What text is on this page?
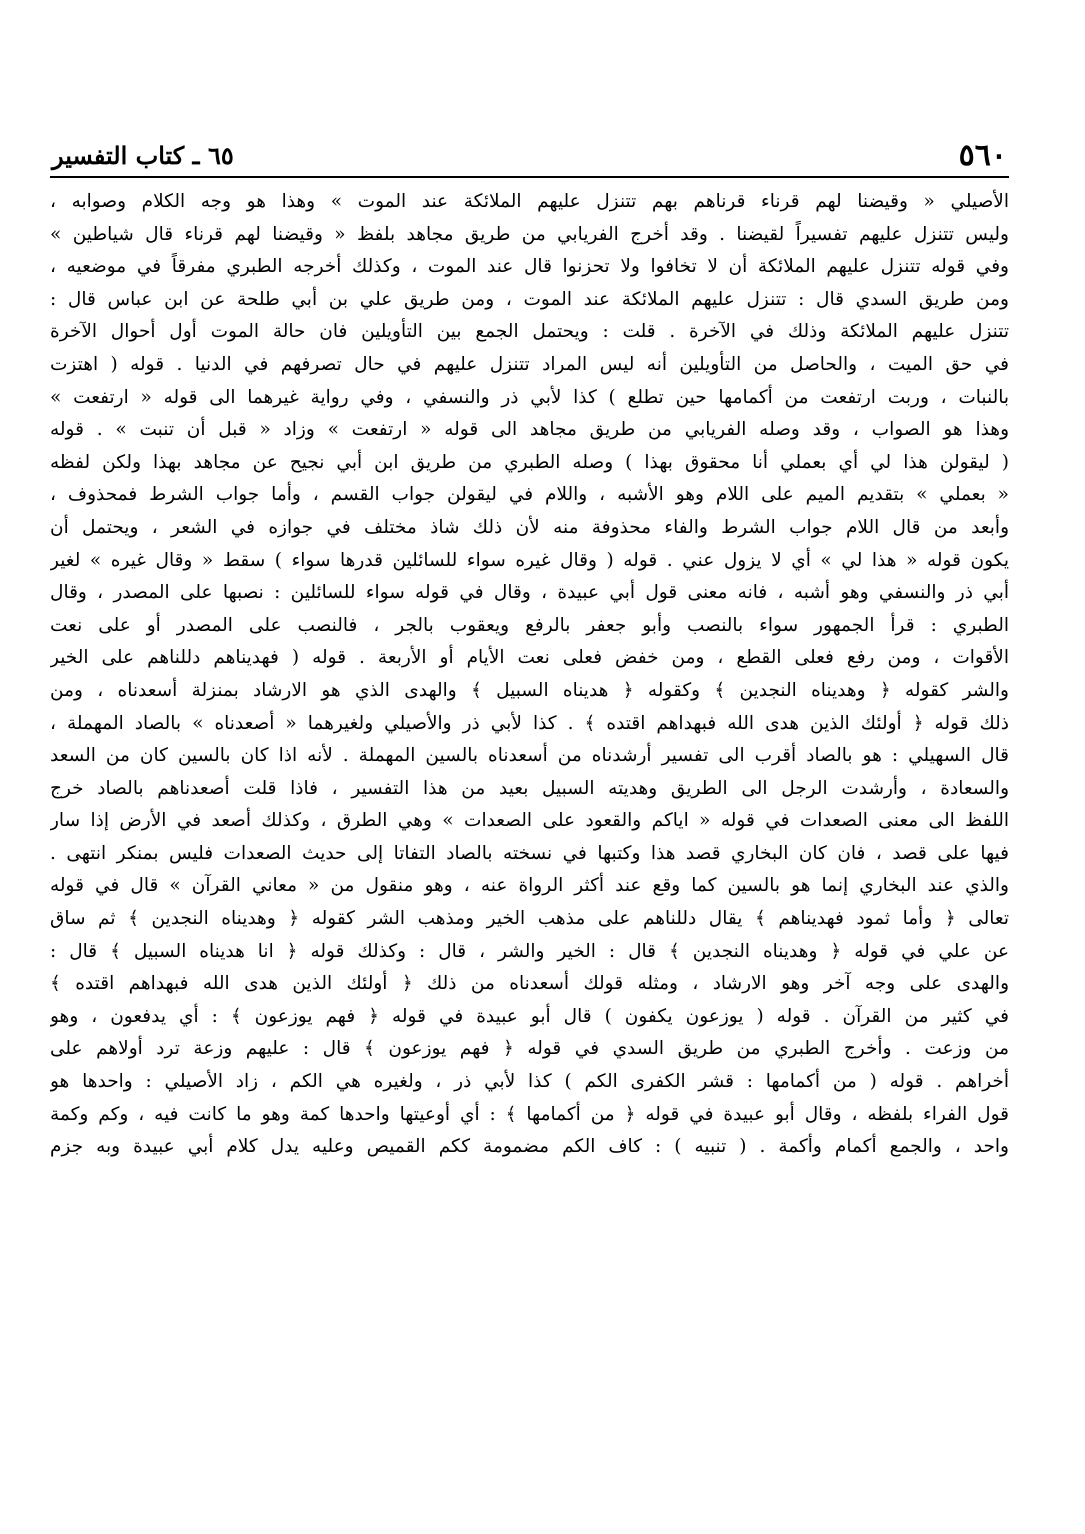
٥٦٠
٦٥ ـ كتاب التفسير
الأصيلي « وقيضنا لهم قرناء قرناهم بهم تتنزل عليهم الملائكة عند الموت » وهذا هو وجه الكلام وصوابه ،
وليس تتنزل عليهم تفسيراً لقيضنا . وقد أخرج الفريابي من طريق مجاهد بلفظ « وقيضنا لهم قرناء قال شياطين »
وفي قوله تتنزل عليهم الملائكة أن لا تخافوا ولا تحزنوا قال عند الموت ، وكذلك أخرجه الطبري مفرقاً في موضعيه ،
ومن طريق السدي قال : تتنزل عليهم الملائكة عند الموت ، ومن طريق علي بن أبي طلحة عن ابن عباس قال :
تتنزل عليهم الملائكة وذلك في الآخرة . قلت : ويحتمل الجمع بين التأويلين فان حالة الموت أول أحوال الآخرة
في حق الميت ، والحاصل من التأويلين أنه ليس المراد تتنزل عليهم في حال تصرفهم في الدنيا . قوله ( اهتزت
بالنبات ، وربت ارتفعت من أكمامها حين تطلع ) كذا لأبي ذر والنسفي ، وفي رواية غيرهما الى قوله « ارتفعت »
وهذا هو الصواب ، وقد وصله الفريابي من طريق مجاهد الى قوله « ارتفعت » وزاد « قبل أن تنبت » . قوله
( ليقولن هذا لي أي بعملي أنا محقوق بهذا ) وصله الطبري من طريق ابن أبي نجيح عن مجاهد بهذا ولكن لفظه
« بعملي » بتقديم الميم على اللام وهو الأشبه ، واللام في ليقولن جواب القسم ، وأما جواب الشرط فمحذوف ،
وأبعد من قال اللام جواب الشرط والفاء محذوفة منه لأن ذلك شاذ مختلف في جوازه في الشعر ، ويحتمل أن
يكون قوله « هذا لي » أي لا يزول عني . قوله ( وقال غيره سواء للسائلين قدرها سواء ) سقط « وقال غيره » لغير
أبي ذر والنسفي وهو أشبه ، فانه معنى قول أبي عبيدة ، وقال في قوله سواء للسائلين : نصبها على المصدر ، وقال
الطبري : قرأ الجمهور سواء بالنصب وأبو جعفر بالرفع ويعقوب بالجر ، فالنصب على المصدر أو على نعت
الأقوات ، ومن رفع فعلى القطع ، ومن خفض فعلى نعت الأيام أو الأربعة . قوله ( فهديناهم دللناهم على الخير
والشر كقوله ﴿ وهديناه النجدين ﴾ وكقوله ﴿ هديناه السبيل ﴾ والهدى الذي هو الارشاد بمنزلة أسعدناه ، ومن
ذلك قوله ﴿ أولئك الذين هدى الله فبهداهم اقتده ﴾ . كذا لأبي ذر والأصيلي ولغيرهما « أصعدناه » بالصاد المهملة ،
قال السهيلي : هو بالصاد أقرب الى تفسير أرشدناه من أسعدناه بالسين المهملة . لأنه اذا كان بالسين كان من السعد
والسعادة ، وأرشدت الرجل الى الطريق وهديته السبيل بعيد من هذا التفسير ، فاذا قلت أصعدناهم بالصاد خرج
اللفظ الى معنى الصعدات في قوله « اياكم والقعود على الصعدات » وهي الطرق ، وكذلك أصعد في الأرض إذا سار
فيها على قصد ، فان كان البخاري قصد هذا وكتبها في نسخته بالصاد التفاتا إلى حديث الصعدات فليس بمنكر انتهى .
والذي عند البخاري إنما هو بالسين كما وقع عند أكثر الرواة عنه ، وهو منقول من « معاني القرآن » قال في قوله
تعالى ﴿ وأما ثمود فهديناهم ﴾ يقال دللناهم على مذهب الخير ومذهب الشر كقوله ﴿ وهديناه النجدين ﴾ ثم ساق
عن علي في قوله ﴿ وهديناه النجدين ﴾ قال : الخير والشر ، قال : وكذلك قوله ﴿ انا هديناه السبيل ﴾ قال :
والهدى على وجه آخر وهو الارشاد ، ومثله قولك أسعدناه من ذلك ﴿ أولئك الذين هدى الله فبهداهم اقتده ﴾
في كثير من القرآن . قوله ( يوزعون يكفون ) قال أبو عبيدة في قوله ﴿ فهم يوزعون ﴾ : أي يدفعون ، وهو
من وزعت . وأخرج الطبري من طريق السدي في قوله ﴿ فهم يوزعون ﴾ قال : عليهم وزعة ترد أولاهم على
أخراهم . قوله ( من أكمامها : قشر الكفرى الكم ) كذا لأبي ذر ، ولغيره هي الكم ، زاد الأصيلي : واحدها هو
قول الفراء بلفظه ، وقال أبو عبيدة في قوله ﴿ من أكمامها ﴾ : أي أوعيتها واحدها كمة وهو ما كانت فيه ، وكم وكمة
واحد ، والجمع أكمام وأكمة . ( تنبيه ) : كاف الكم مضمومة ككم القميص وعليه يدل كلام أبي عبيدة وبه جزم
